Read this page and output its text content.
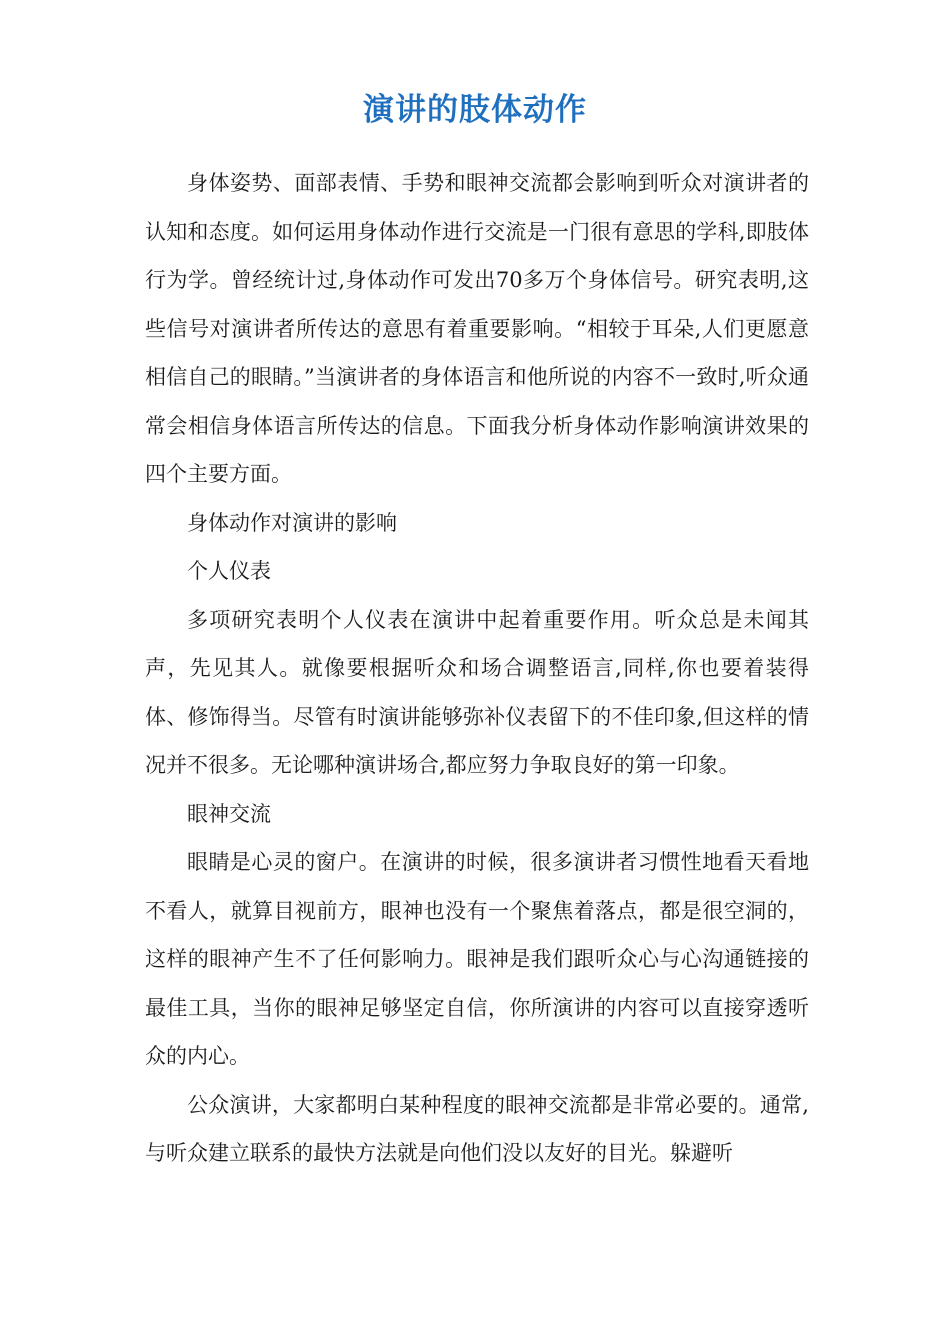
演讲的肢体动作

身体姿势、面部表情、手势和眼神交流都会影响到听众对演讲者的认知和态度。如何运用身体动作进行交流是一门很有意思的学科,即肢体行为学。曾经统计过,身体动作可发出70多万个身体信号。研究表明,这些信号对演讲者所传达的意思有着重要影响。“相较于耳朵,人们更愿意相信自己的眼睛。”当演讲者的身体语言和他所说的内容不一致时,听众通常会相信身体语言所传达的信息。下面我分析身体动作影响演讲效果的四个主要方面。

身体动作对演讲的影响

个人仪表

多项研究表明个人仪表在演讲中起着重要作用。听众总是未闻其声，先见其人。就像要根据听众和场合调整语言,同样,你也要着装得体、修饰得当。尽管有时演讲能够弥补仪表留下的不佳印象,但这样的情况并不很多。无论哪种演讲场合,都应努力争取良好的第一印象。

眼神交流

眼睛是心灵的窗户。在演讲的时候，很多演讲者习惯性地看天看地不看人，就算目视前方，眼神也没有一个聚焦着落点，都是很空洞的，这样的眼神产生不了任何影响力。眼神是我们跟听众心与心沟通链接的最佳工具，当你的眼神足够坚定自信，你所演讲的内容可以直接穿透听众的内心。

公众演讲，大家都明白某种程度的眼神交流都是非常必要的。通常,与听众建立联系的最快方法就是向他们没以友好的目光。躲避听
